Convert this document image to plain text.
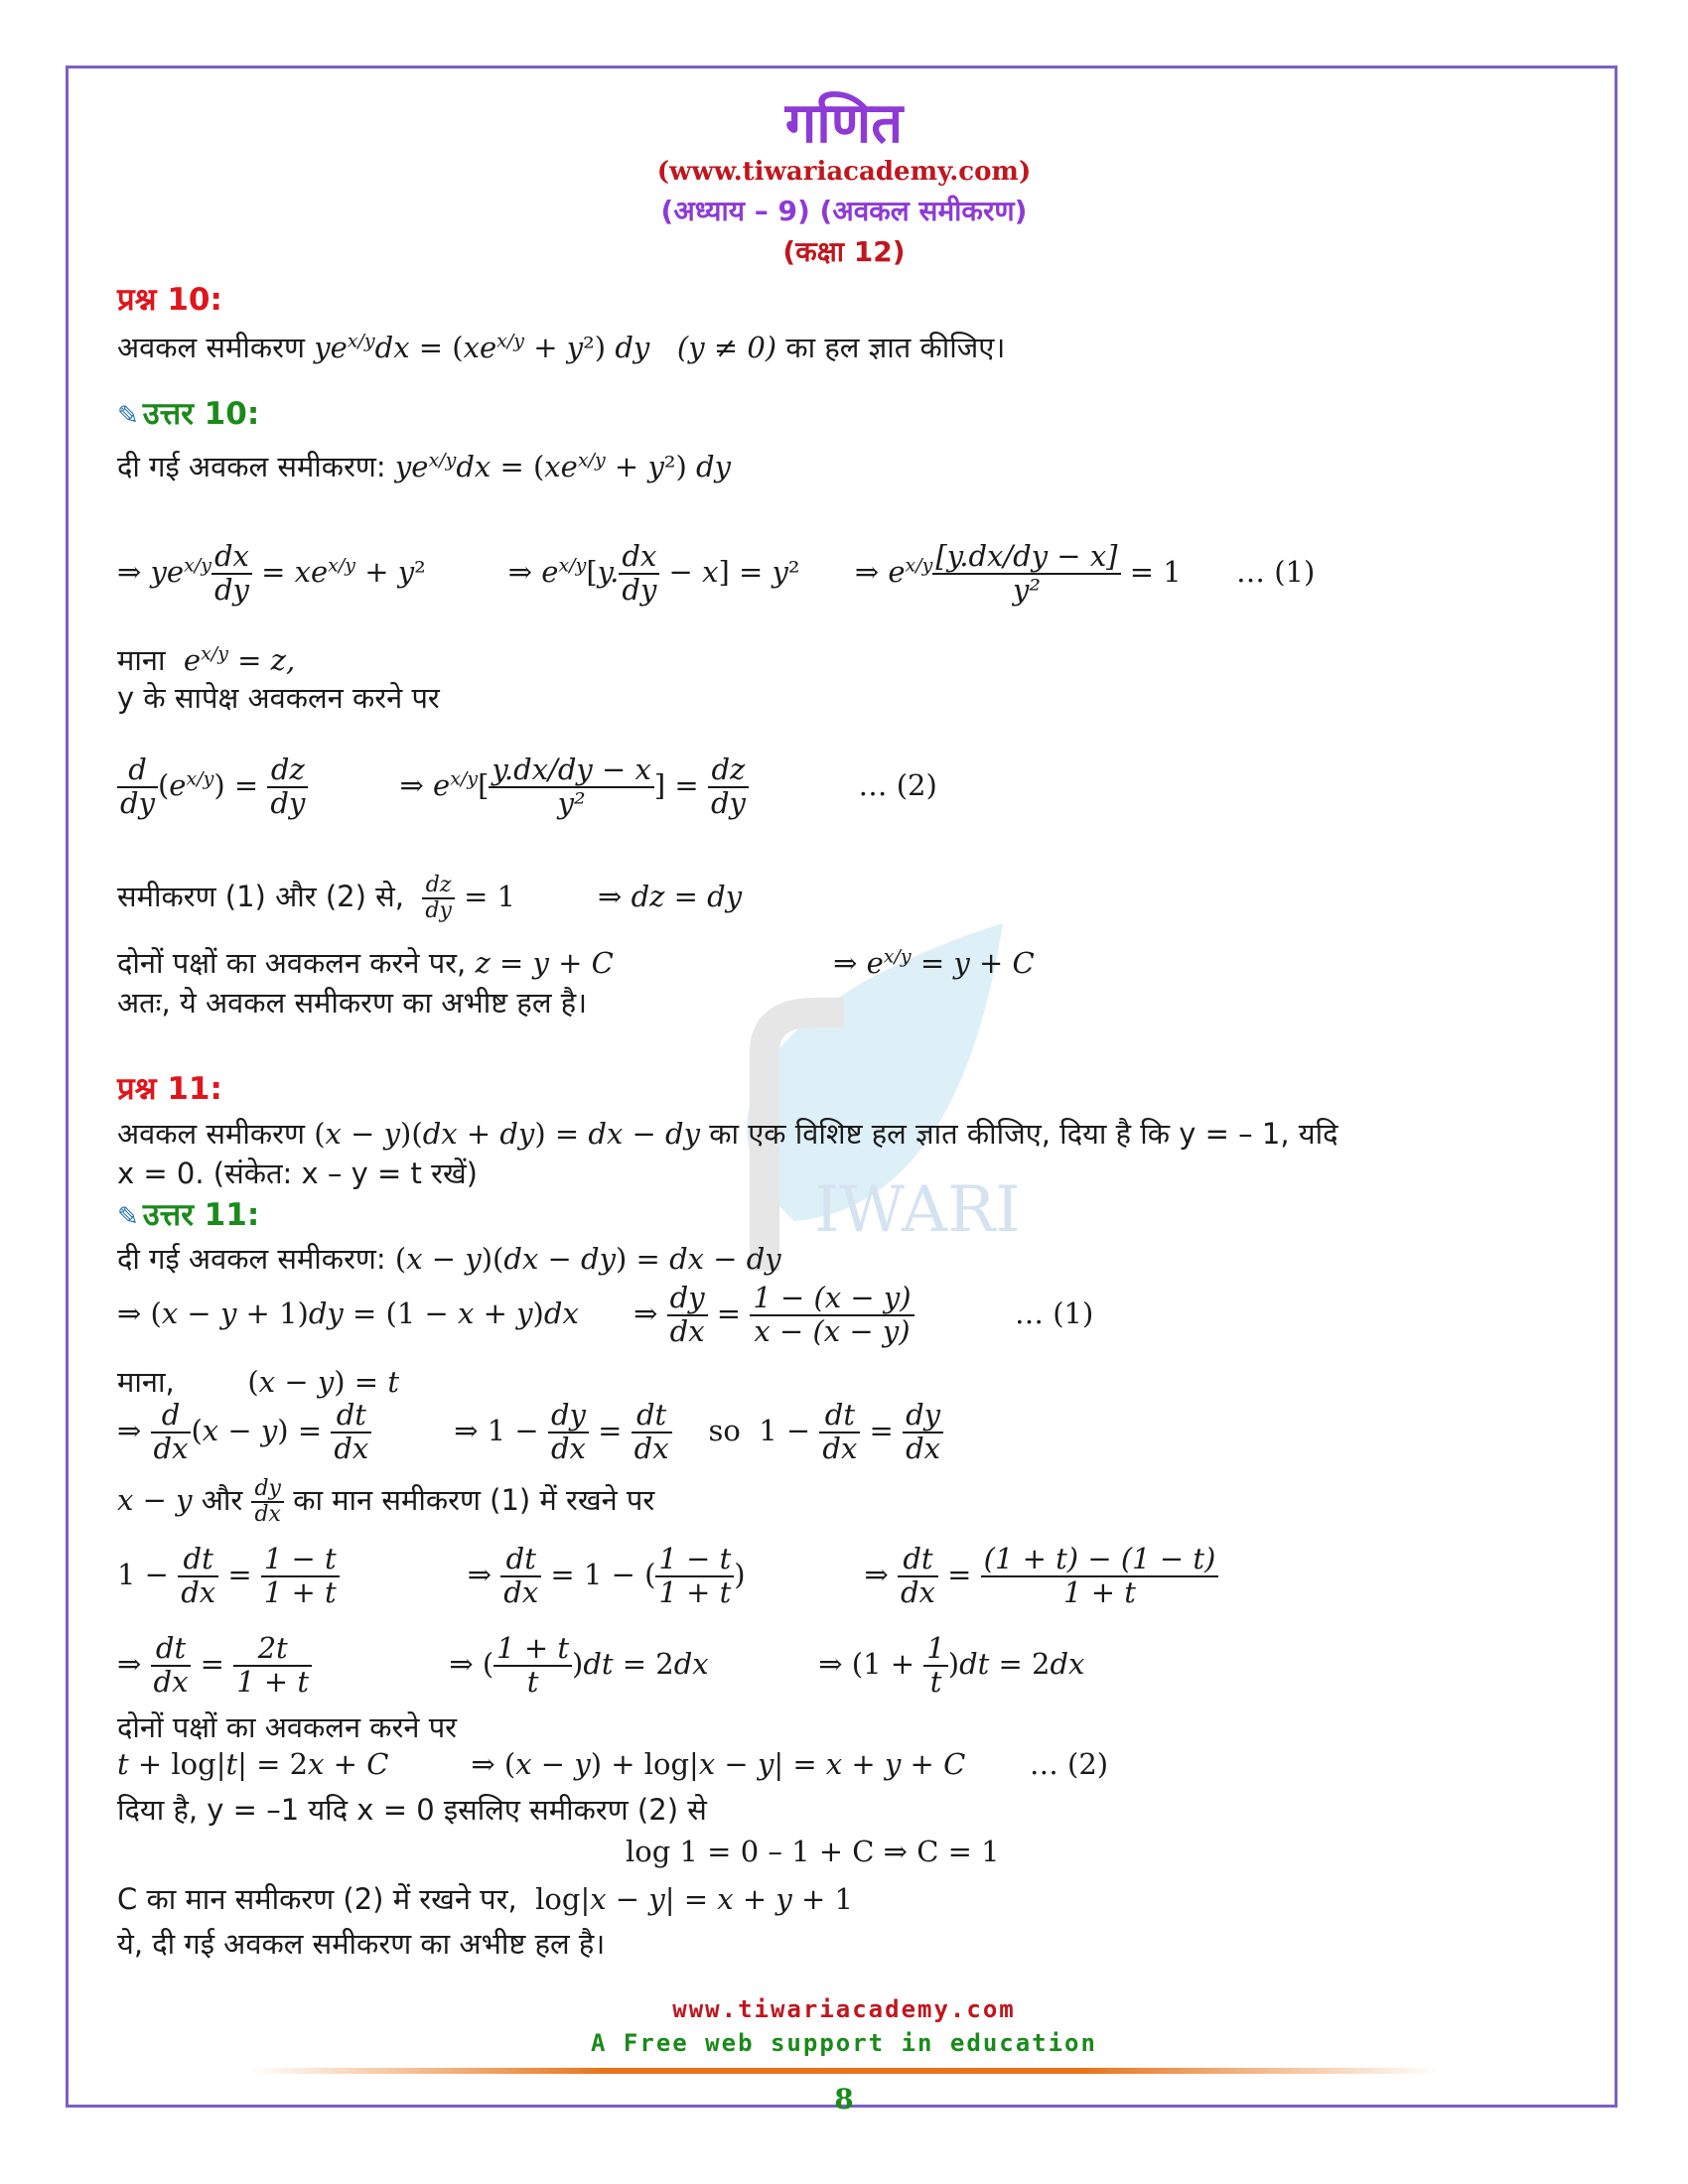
IWARI
गणित
(www.tiwariacademy.com)
(अध्याय – 9) (अवकल समीकरण)
(कक्षा 12)
प्रश्न 10:
अवकल समीकरण $ye^{x/y}dx = (xe^{x/y} + y^2)$ dy (y ≠ 0) का हल ज्ञात कीजिए।
✎ उत्तर 10:
दी गई अवकल समीकरण: $ye^{x/y}dx = (xe^{x/y} + y^2)$ dy
⇒ $ye^{x/y} \frac{dx}{dy} = xe^{x/y} + y^2$         ⇒ $e^{x/y}[y$. $\frac{dx}{dy} - x] = y^2$      ⇒ $e^{x/y} \frac{[y.dx/dy - x]}{\text{y²}} = 1$      … (1)
माना $e^{x/y} = z$,
y के सापेक्ष अवकलन करने पर
$\frac{d}{dy} (e^{x/y}) = \frac{dz}{dy}$ ⇒ $e^{x/y}[ \frac{y.dx/dy - x}{\text{y²}}$ ] = $\frac{dz}{dy}$ … (2)
समीकरण (1) और (2) से, $\frac{dz}{dy} = 1$         ⇒ dz = dy
दोनों पक्षों का अवकलन करने पर, z = y + C                        ⇒ $e^{x/y} = y + C$
अतः, ये अवकल समीकरण का अभीष्ट हल है।
प्रश्न 11:
अवकल समीकरण (x − y)(dx + dy) = dx − dy का एक विशिष्ट हल ज्ञात कीजिए, दिया है कि y = – 1, यदि
x = 0. (संकेत: x – y = t रखें)
✎ उत्तर 11:
दी गई अवकल समीकरण: (x − y)(dx − dy) = dx − dy
⇒ (x − y + 1)dy = (1 − x + y)dx      ⇒ $\frac{dy}{dx} = \frac{1 - (x - y)}{x - (x - y)}$ … (1)
माना,        (x − y) = t
⇒ $\frac{d}{dx} (x - y) = \frac{dt}{dx}$ ⇒ $1 - \frac{dy}{dx} = \frac{dt}{dx}$ so  $1 - \frac{dt}{dx} = \frac{dy}{dx}$
x − y और $\frac{dy}{dx}$ का मान समीकरण (1) में रखने पर
$1 - \frac{dt}{dx} = \frac{1 - t}{1 + t}$ ⇒ $\frac{dt}{dx} = 1$ − ( $\frac{1 - t}{1 + t}$ )             ⇒ $\frac{dt}{dx} = \frac{(1 + t) - (1 - t)}{1 + t}$
⇒ $\frac{dt}{dx} = \frac{2t}{1 + t}$ ⇒ ( $\frac{1 + t}{t} )dt = 2dx$            ⇒ $(1 + \frac{1}{t} )dt = 2dx$
दोनों पक्षों का अवकलन करने पर
t + log|t| = 2x + C         ⇒ (x − y) + log|x − y| = x + y + C       … (2)
दिया है, y = –1 यदि x = 0 इसलिए समीकरण (2) से
log 1 = 0 – 1 + C ⇒ C = 1
C का मान समीकरण (2) में रखने पर,  log|x − y| = x + y + 1
ये, दी गई अवकल समीकरण का अभीष्ट हल है।
www.tiwariacademy.com
A Free web support in education
8
